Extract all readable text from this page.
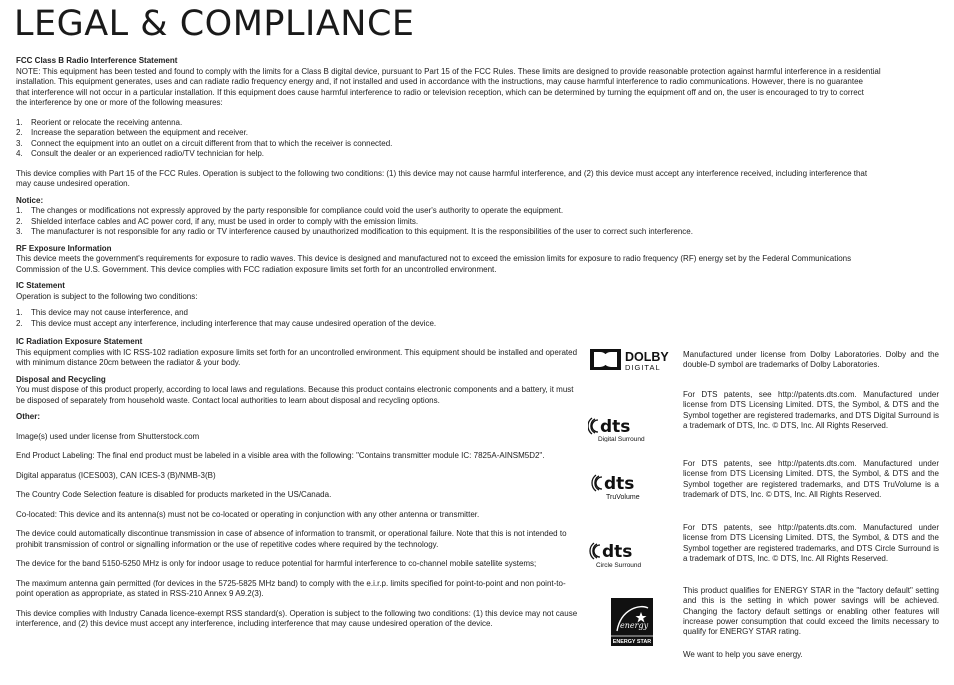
LEGAL & COMPLIANCE

FCC Class B Radio Interference Statement

NOTE: This equipment has been tested and found to comply with the limits for a Class B digital device, pursuant to Part 15 of the FCC Rules. These limits are designed to provide reasonable protection against harmful interference in a residential

installation. This equipment generates, uses and can radiate radio frequency energy and, if not installed and used in accordance with the instructions, may cause harmful interference to radio communications. However, there is no guarantee

that interference will not occur in a particular installation. If this equipment does cause harmful interference to radio or television reception, which can be determined by turning the equipment off and on, the user is encouraged to try to correct

the interference by one or more of the following measures:

1. Reorient or relocate the receiving antenna.
2. Increase the separation between the equipment and receiver.
3. Connect the equipment into an outlet on a circuit different from that to which the receiver is connected.
4. Consult the dealer or an experienced radio/TV technician for help.

This device complies with Part 15 of the FCC Rules. Operation is subject to the following two conditions: (1) this device may not cause harmful interference, and (2) this device must accept any interference received, including interference that

may cause undesired operation.

Notice:

1. The changes or modifications not expressly approved by the party responsible for compliance could void the user's authority to operate the equipment.
2. Shielded interface cables and AC power cord, if any, must be used in order to comply with the emission limits.
3. The manufacturer is not responsible for any radio or TV interference caused by unauthorized modification to this equipment. It is the responsibilities of the user to correct such interference.

RF Exposure Information

This device meets the government's requirements for exposure to radio waves. This device is designed and manufactured not to exceed the emission limits for exposure to radio frequency (RF) energy set by the Federal Communications

Commission of the U.S. Government. This device complies with FCC radiation exposure limits set forth for an uncontrolled environment.

IC Statement

Operation is subject to the following two conditions:

1. This device may not cause interference, and
2. This device must accept any interference, including interference that may cause undesired operation of the device.

IC Radiation Exposure Statement

This equipment complies with IC RSS-102 radiation exposure limits set forth for an uncontrolled environment. This equipment should be installed and operated with minimum distance 20cm between the radiator & your body.

Disposal and Recycling

You must dispose of this product properly, according to local laws and regulations. Because this product contains electronic components and a battery, it must be disposed of separately from household waste. Contact local authorities to learn about disposal and recycling options.

Other:

Image(s) used under license from Shutterstock.com

End Product Labeling: The final end product must be labeled in a visible area with the following: "Contains transmitter module IC: 7825A-AINSM5D2".

Digital apparatus (ICES003), CAN ICES-3 (B)/NMB-3(B)

The Country Code Selection feature is disabled for products marketed in the US/Canada.

Co-located: This device and its antenna(s) must not be co-located or operating in conjunction with any other antenna or transmitter.

The device could automatically discontinue transmission in case of absence of information to transmit, or operational failure. Note that this is not intended to prohibit transmission of control or signalling information or the use of repetitive codes where required by the technology.

The device for the band 5150-5250 MHz is only for indoor usage to reduce potential for harmful interference to co-channel mobile satellite systems;

The maximum antenna gain permitted (for devices in the 5725-5825 MHz band) to comply with the e.i.r.p. limits specified for point-to-point and non point-to-point operation as appropriate, as stated in RSS-210 Annex 9 A9.2(3).

This device complies with Industry Canada licence-exempt RSS standard(s). Operation is subject to the following two conditions: (1) this device may not cause interference, and (2) this device must accept any interference, including interference that may cause undesired operation of the device.

DOLBY
DIGITAL

Manufactured under license from Dolby Laboratories. Dolby and the double-D symbol are trademarks of Dolby Laboratories.

dts
Digital Surround

For DTS patents, see http://patents.dts.com. Manufactured under license from DTS Licensing Limited. DTS, the Symbol, & DTS and the Symbol together are registered trademarks, and DTS Digital Surround is a trademark of DTS, Inc. © DTS, Inc. All Rights Reserved.

dts
TruVolume

For DTS patents, see http://patents.dts.com. Manufactured under license from DTS Licensing Limited. DTS, the Symbol, & DTS and the Symbol together are registered trademarks, and DTS TruVolume is a trademark of DTS, Inc. © DTS, Inc. All Rights Reserved.

dts
Circle Surround

For DTS patents, see http://patents.dts.com. Manufactured under license from DTS Licensing Limited. DTS, the Symbol, & DTS and the Symbol together are registered trademarks, and DTS Circle Surround is a trademark of DTS, Inc. © DTS, Inc. All Rights Reserved.

energy
ENERGY STAR

This product qualifies for ENERGY STAR in the "factory default" setting and this is the setting in which power savings will be achieved. Changing the factory default settings or enabling other features will increase power consumption that could exceed the limits necessary to qualify for ENERGY STAR rating.

We want to help you save energy.
